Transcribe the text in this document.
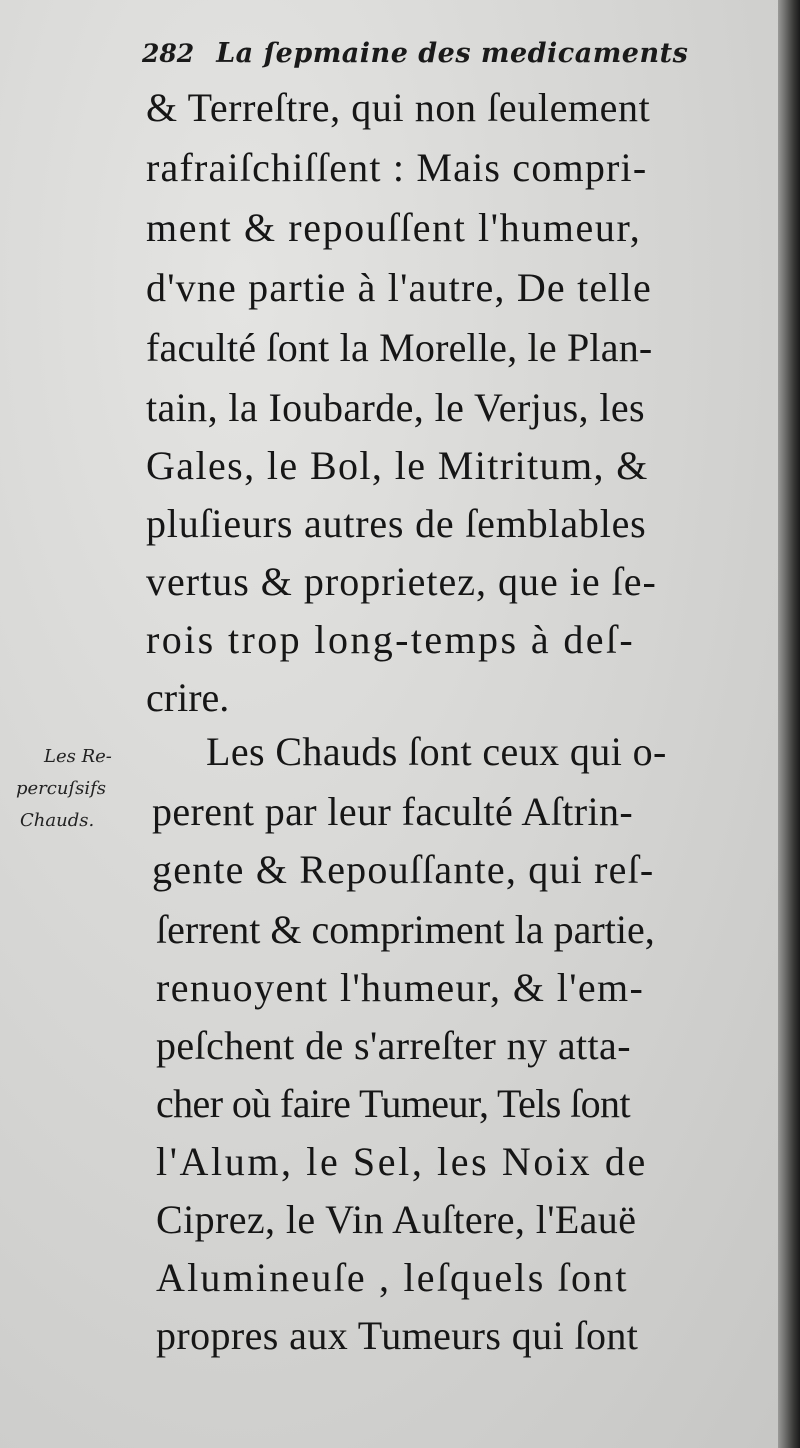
282 La ſepmaine des medicaments
& Terreſtre, qui non ſeulement
rafraiſchiſſent : Mais compri-
ment & repouſſent l'humeur,
d'vne partie à l'autre, De telle
faculté ſont la Morelle, le Plan-
tain, la Ioubarde, le Verjus, les
Gales, le Bol, le Mitritum, &
pluſieurs autres de ſemblables
vertus & proprietez, que ie ſe-
rois trop long-temps à deſ-
crire.
Les Chauds ſont ceux qui o-
perent par leur faculté Aſtrin-
gente & Repouſſante, qui reſ-
ſerrent & compriment la partie,
renuoyent l'humeur, & l'em-
peſchent de s'arreſter ny atta-
cher où faire Tumeur, Tels ſont
l'Alum, le Sel, les Noix de
Ciprez, le Vin Auſtere, l'Eauë
Alumineuſe , leſquels ſont
propres aux Tumeurs qui ſont
Les Re-
percuſsifs
Chauds.
